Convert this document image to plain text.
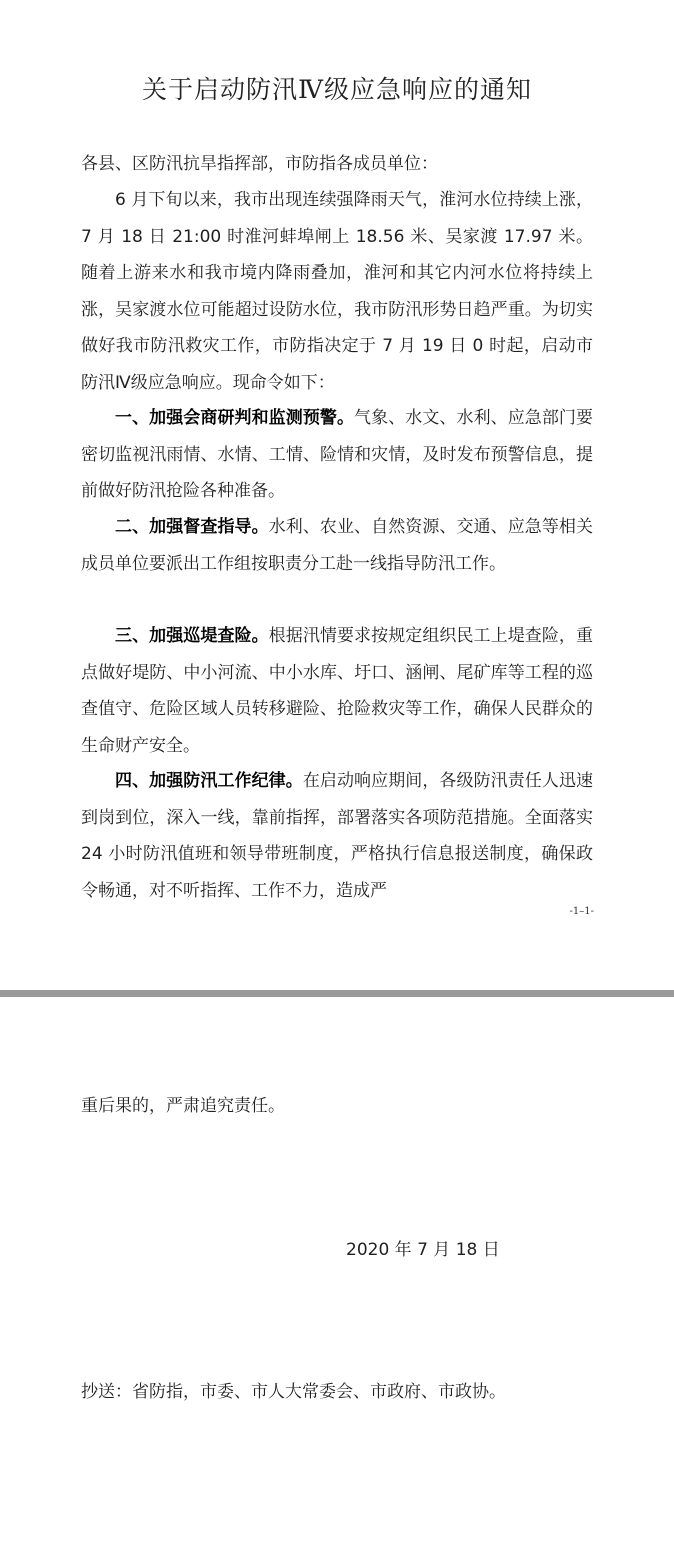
关于启动防汛Ⅳ级应急响应的通知

各县、区防汛抗旱指挥部，市防指各成员单位：

6 月下旬以来，我市出现连续强降雨天气，淮河水位持续上涨，7 月 18 日 21:00 时淮河蚌埠闸上 18.56 米、吴家渡 17.97 米。随着上游来水和我市境内降雨叠加，淮河和其它内河水位将持续上涨，吴家渡水位可能超过设防水位，我市防汛形势日趋严重。为切实做好我市防汛救灾工作，市防指决定于 7 月 19 日 0 时起，启动市防汛Ⅳ级应急响应。现命令如下：

一、加强会商研判和监测预警。气象、水文、水利、应急部门要密切监视汛雨情、水情、工情、险情和灾情，及时发布预警信息，提前做好防汛抢险各种准备。

二、加强督查指导。水利、农业、自然资源、交通、应急等相关成员单位要派出工作组按职责分工赴一线指导防汛工作。

三、加强巡堤查险。根据汛情要求按规定组织民工上堤查险，重点做好堤防、中小河流、中小水库、圩口、涵闸、尾矿库等工程的巡查值守、危险区域人员转移避险、抢险救灾等工作，确保人民群众的生命财产安全。

四、加强防汛工作纪律。在启动响应期间，各级防汛责任人迅速到岗到位，深入一线，靠前指挥，部署落实各项防范措施。全面落实 24 小时防汛值班和领导带班制度，严格执行信息报送制度，确保政令畅通，对不听指挥、工作不力，造成严

-1–1-

重后果的，严肃追究责任。

2020 年 7 月 18 日

抄送：省防指，市委、市人大常委会、市政府、市政协。
